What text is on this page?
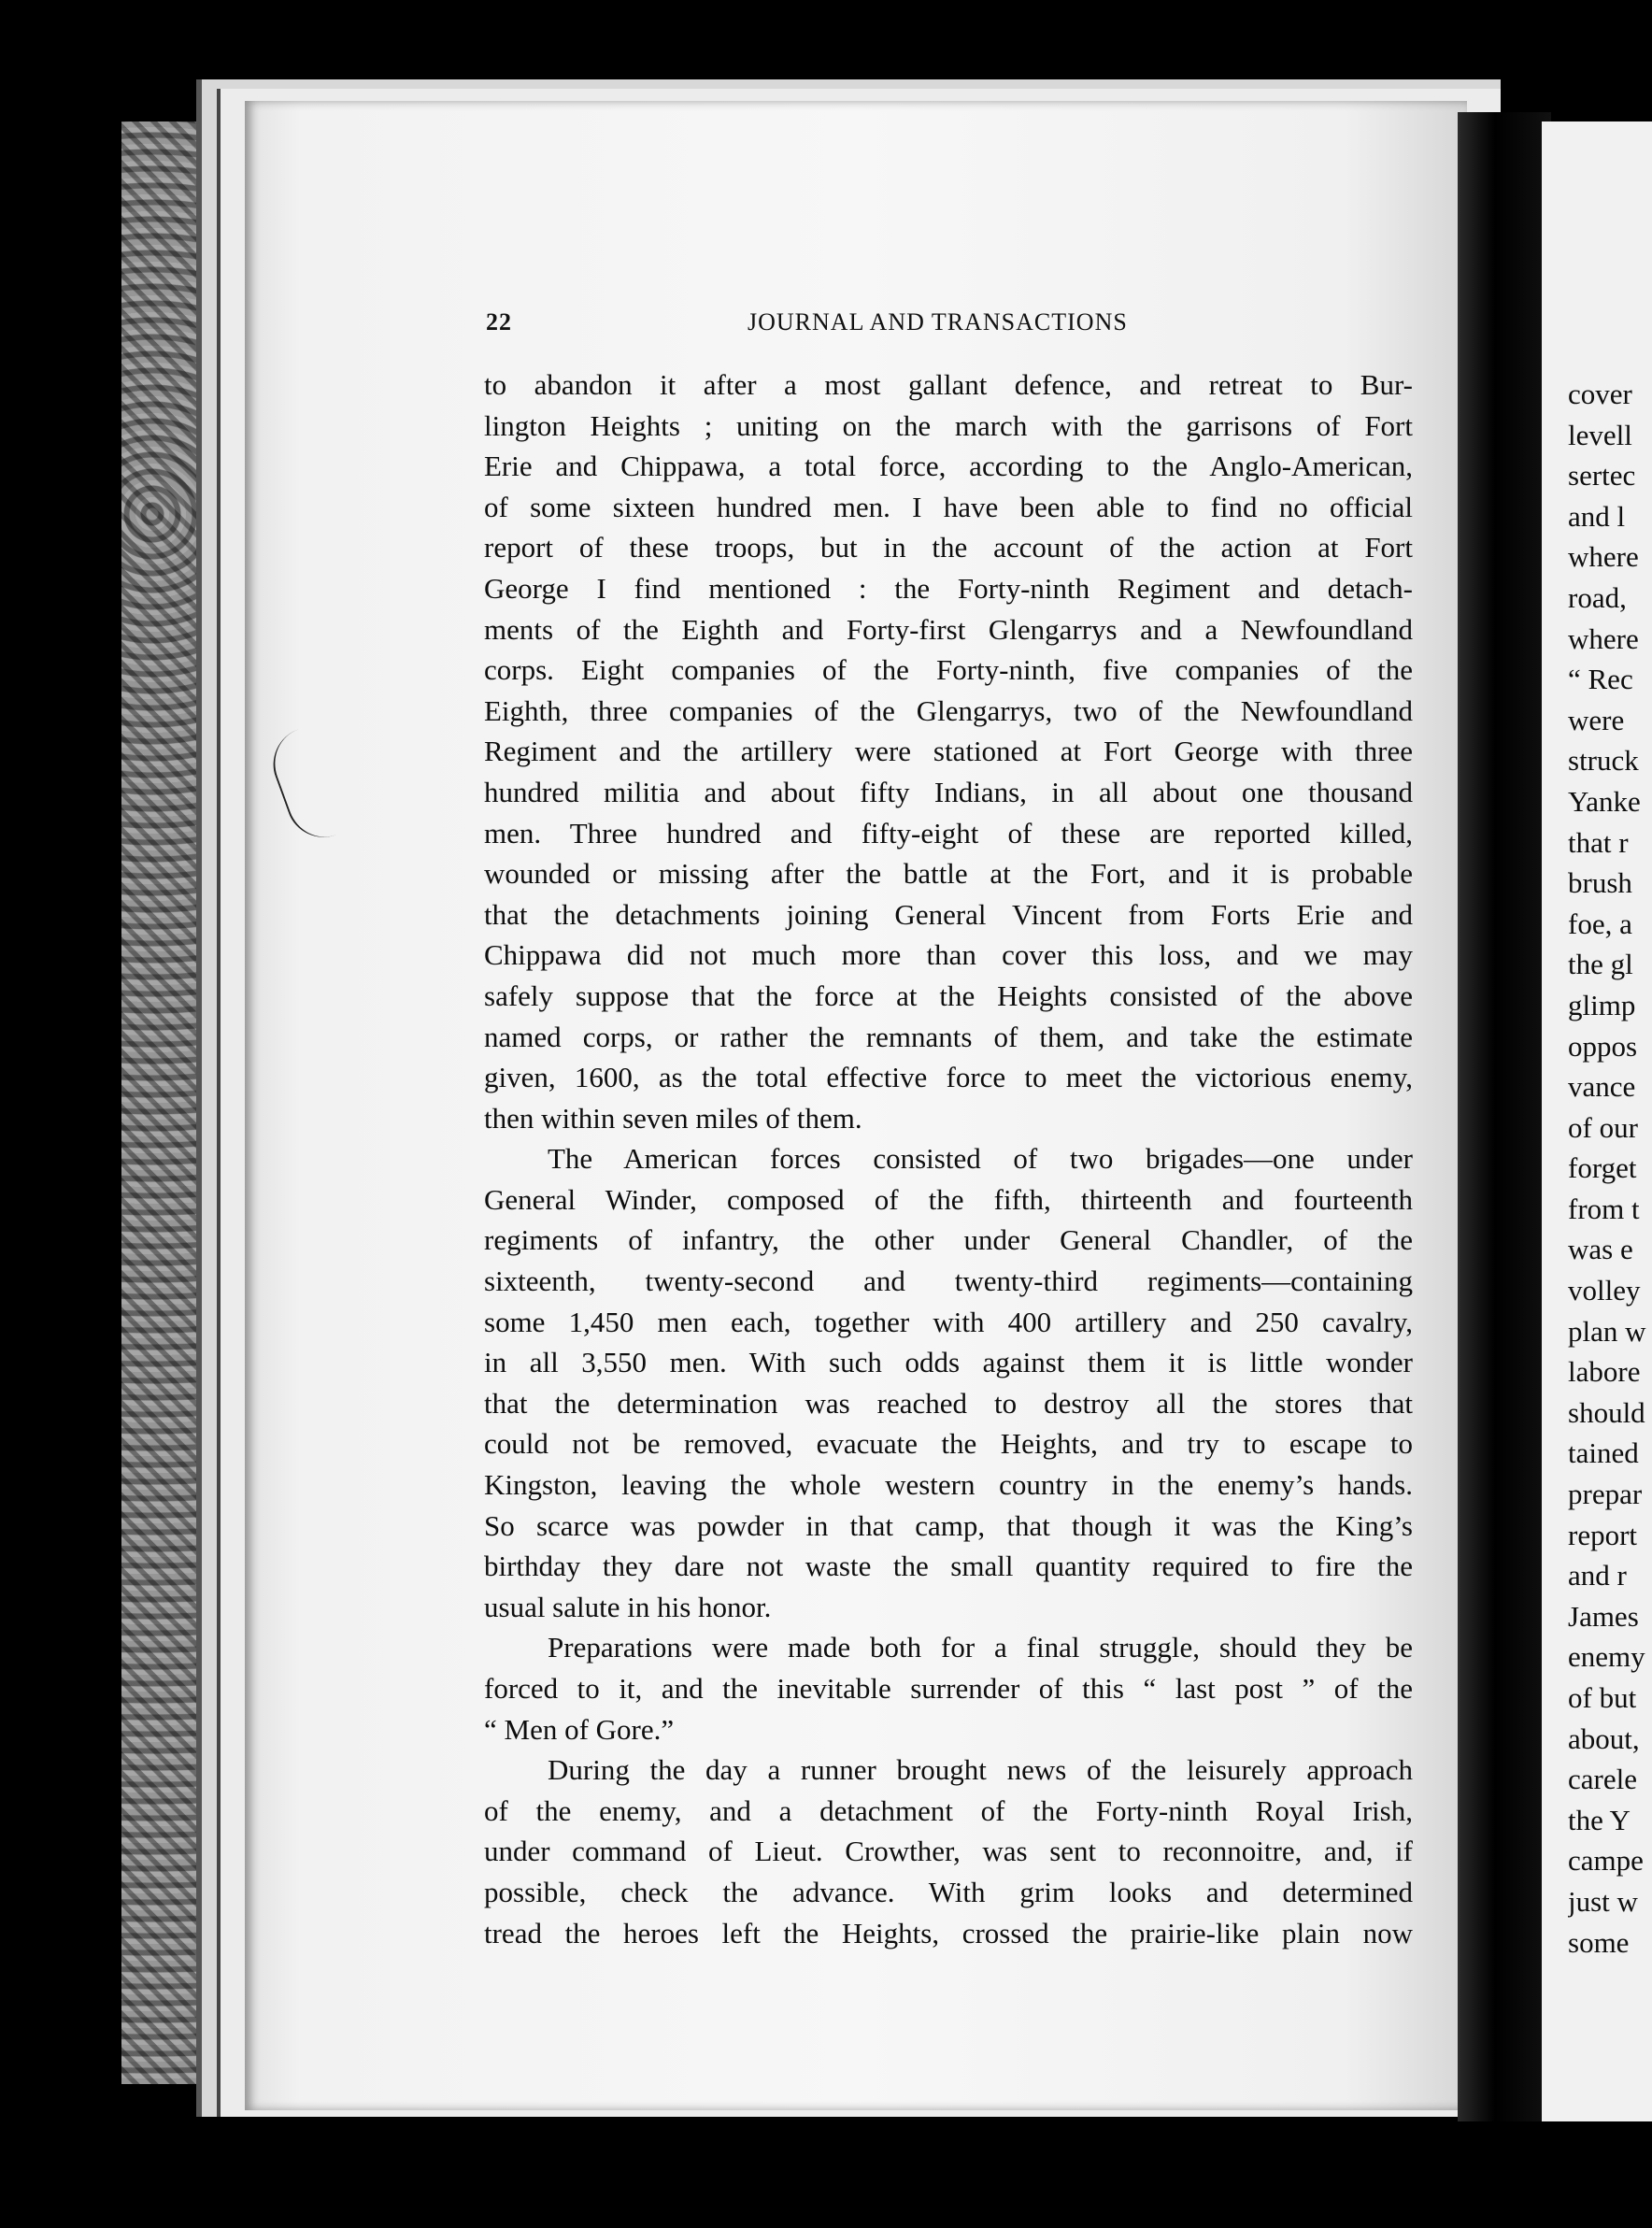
22	JOURNAL AND TRANSACTIONS
to abandon it after a most gallant defence, and retreat to Bur-
lington Heights ; uniting on the march with the garrisons of Fort
Erie and Chippawa, a total force, according to the Anglo-American,
of some sixteen hundred men. I have been able to find no official
report of these troops, but in the account of the action at Fort
George I find mentioned : the Forty-ninth Regiment and detach-
ments of the Eighth and Forty-first Glengarrys and a Newfoundland
corps. Eight companies of the Forty-ninth, five companies of the
Eighth, three companies of the Glengarrys, two of the Newfoundland
Regiment and the artillery were stationed at Fort George with three
hundred militia and about fifty Indians, in all about one thousand
men. Three hundred and fifty-eight of these are reported killed,
wounded or missing after the battle at the Fort, and it is probable
that the detachments joining General Vincent from Forts Erie and
Chippawa did not much more than cover this loss, and we may
safely suppose that the force at the Heights consisted of the above
named corps, or rather the remnants of them, and take the estimate
given, 1600, as the total effective force to meet the victorious enemy,
then within seven miles of them.
The American forces consisted of two brigades—one under
General Winder, composed of the fifth, thirteenth and fourteenth
regiments of infantry, the other under General Chandler, of the
sixteenth, twenty-second and twenty-third regiments—containing
some 1,450 men each, together with 400 artillery and 250 cavalry,
in all 3,550 men. With such odds against them it is little wonder
that the determination was reached to destroy all the stores that
could not be removed, evacuate the Heights, and try to escape to
Kingston, leaving the whole western country in the enemy’s hands.
So scarce was powder in that camp, that though it was the King’s
birthday they dare not waste the small quantity required to fire the
usual salute in his honor.
Preparations were made both for a final struggle, should they be
forced to it, and the inevitable surrender of this “ last post ” of the
“ Men of Gore.”
During the day a runner brought news of the leisurely approach
of the enemy, and a detachment of the Forty-ninth Royal Irish,
under command of Lieut. Crowther, was sent to reconnoitre, and, if
possible, check the advance. With grim looks and determined
tread the heroes left the Heights, crossed the prairie-like plain now
cover
levell
sertec
and l
where
road,
where
“ Rec
were
struck
Yanke
that r
brush
foe, a
the gl
glimp
oppos
vance
of our
forget
from t
was e
volley
plan w
labore
should
tained
prepar
report
and r
James
enemy
of but
about,
carele
the Y
campe
just w
some
